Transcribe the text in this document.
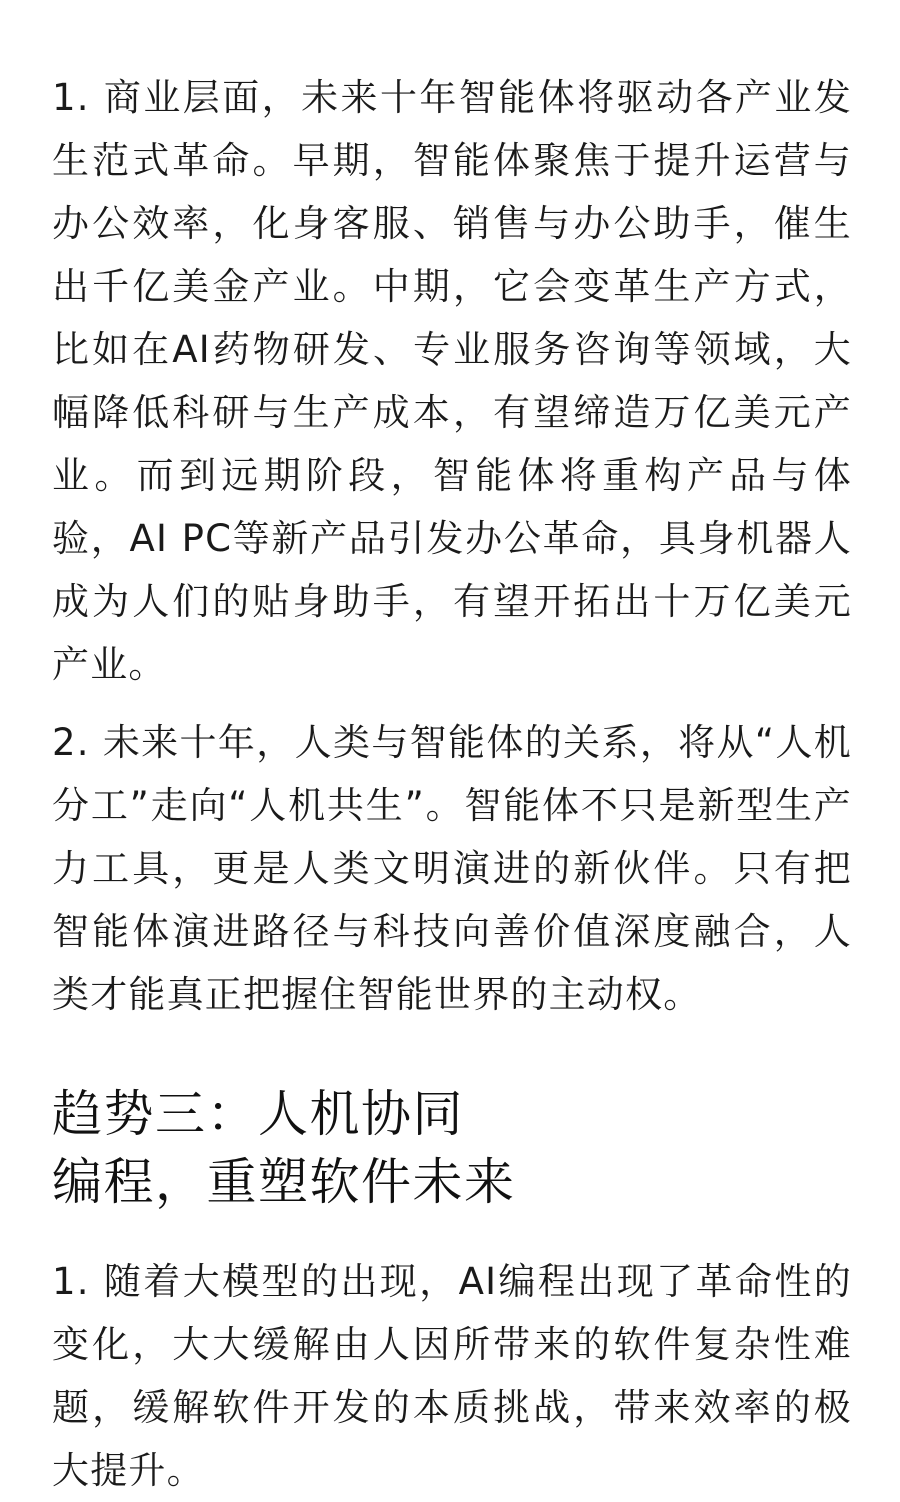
1. 商业层面，未来十年智能体将驱动各产业发生范式革命。早期，智能体聚焦于提升运营与办公效率，化身客服、销售与办公助手，催生出千亿美金产业。中期，它会变革生产方式，比如在AI药物研发、专业服务咨询等领域，大幅降低科研与生产成本，有望缔造万亿美元产业。而到远期阶段，智能体将重构产品与体验，AI PC等新产品引发办公革命，具身机器人成为人们的贴身助手，有望开拓出十万亿美元产业。

2. 未来十年，人类与智能体的关系，将从“人机分工”走向“人机共生”。智能体不只是新型生产力工具，更是人类文明演进的新伙伴。只有把智能体演进路径与科技向善价值深度融合，人类才能真正把握住智能世界的主动权。

趋势三：人机协同
编程，重塑软件未来

1. 随着大模型的出现，AI编程出现了革命性的变化，大大缓解由人因所带来的软件复杂性难题，缓解软件开发的本质挑战，带来效率的极大提升。
